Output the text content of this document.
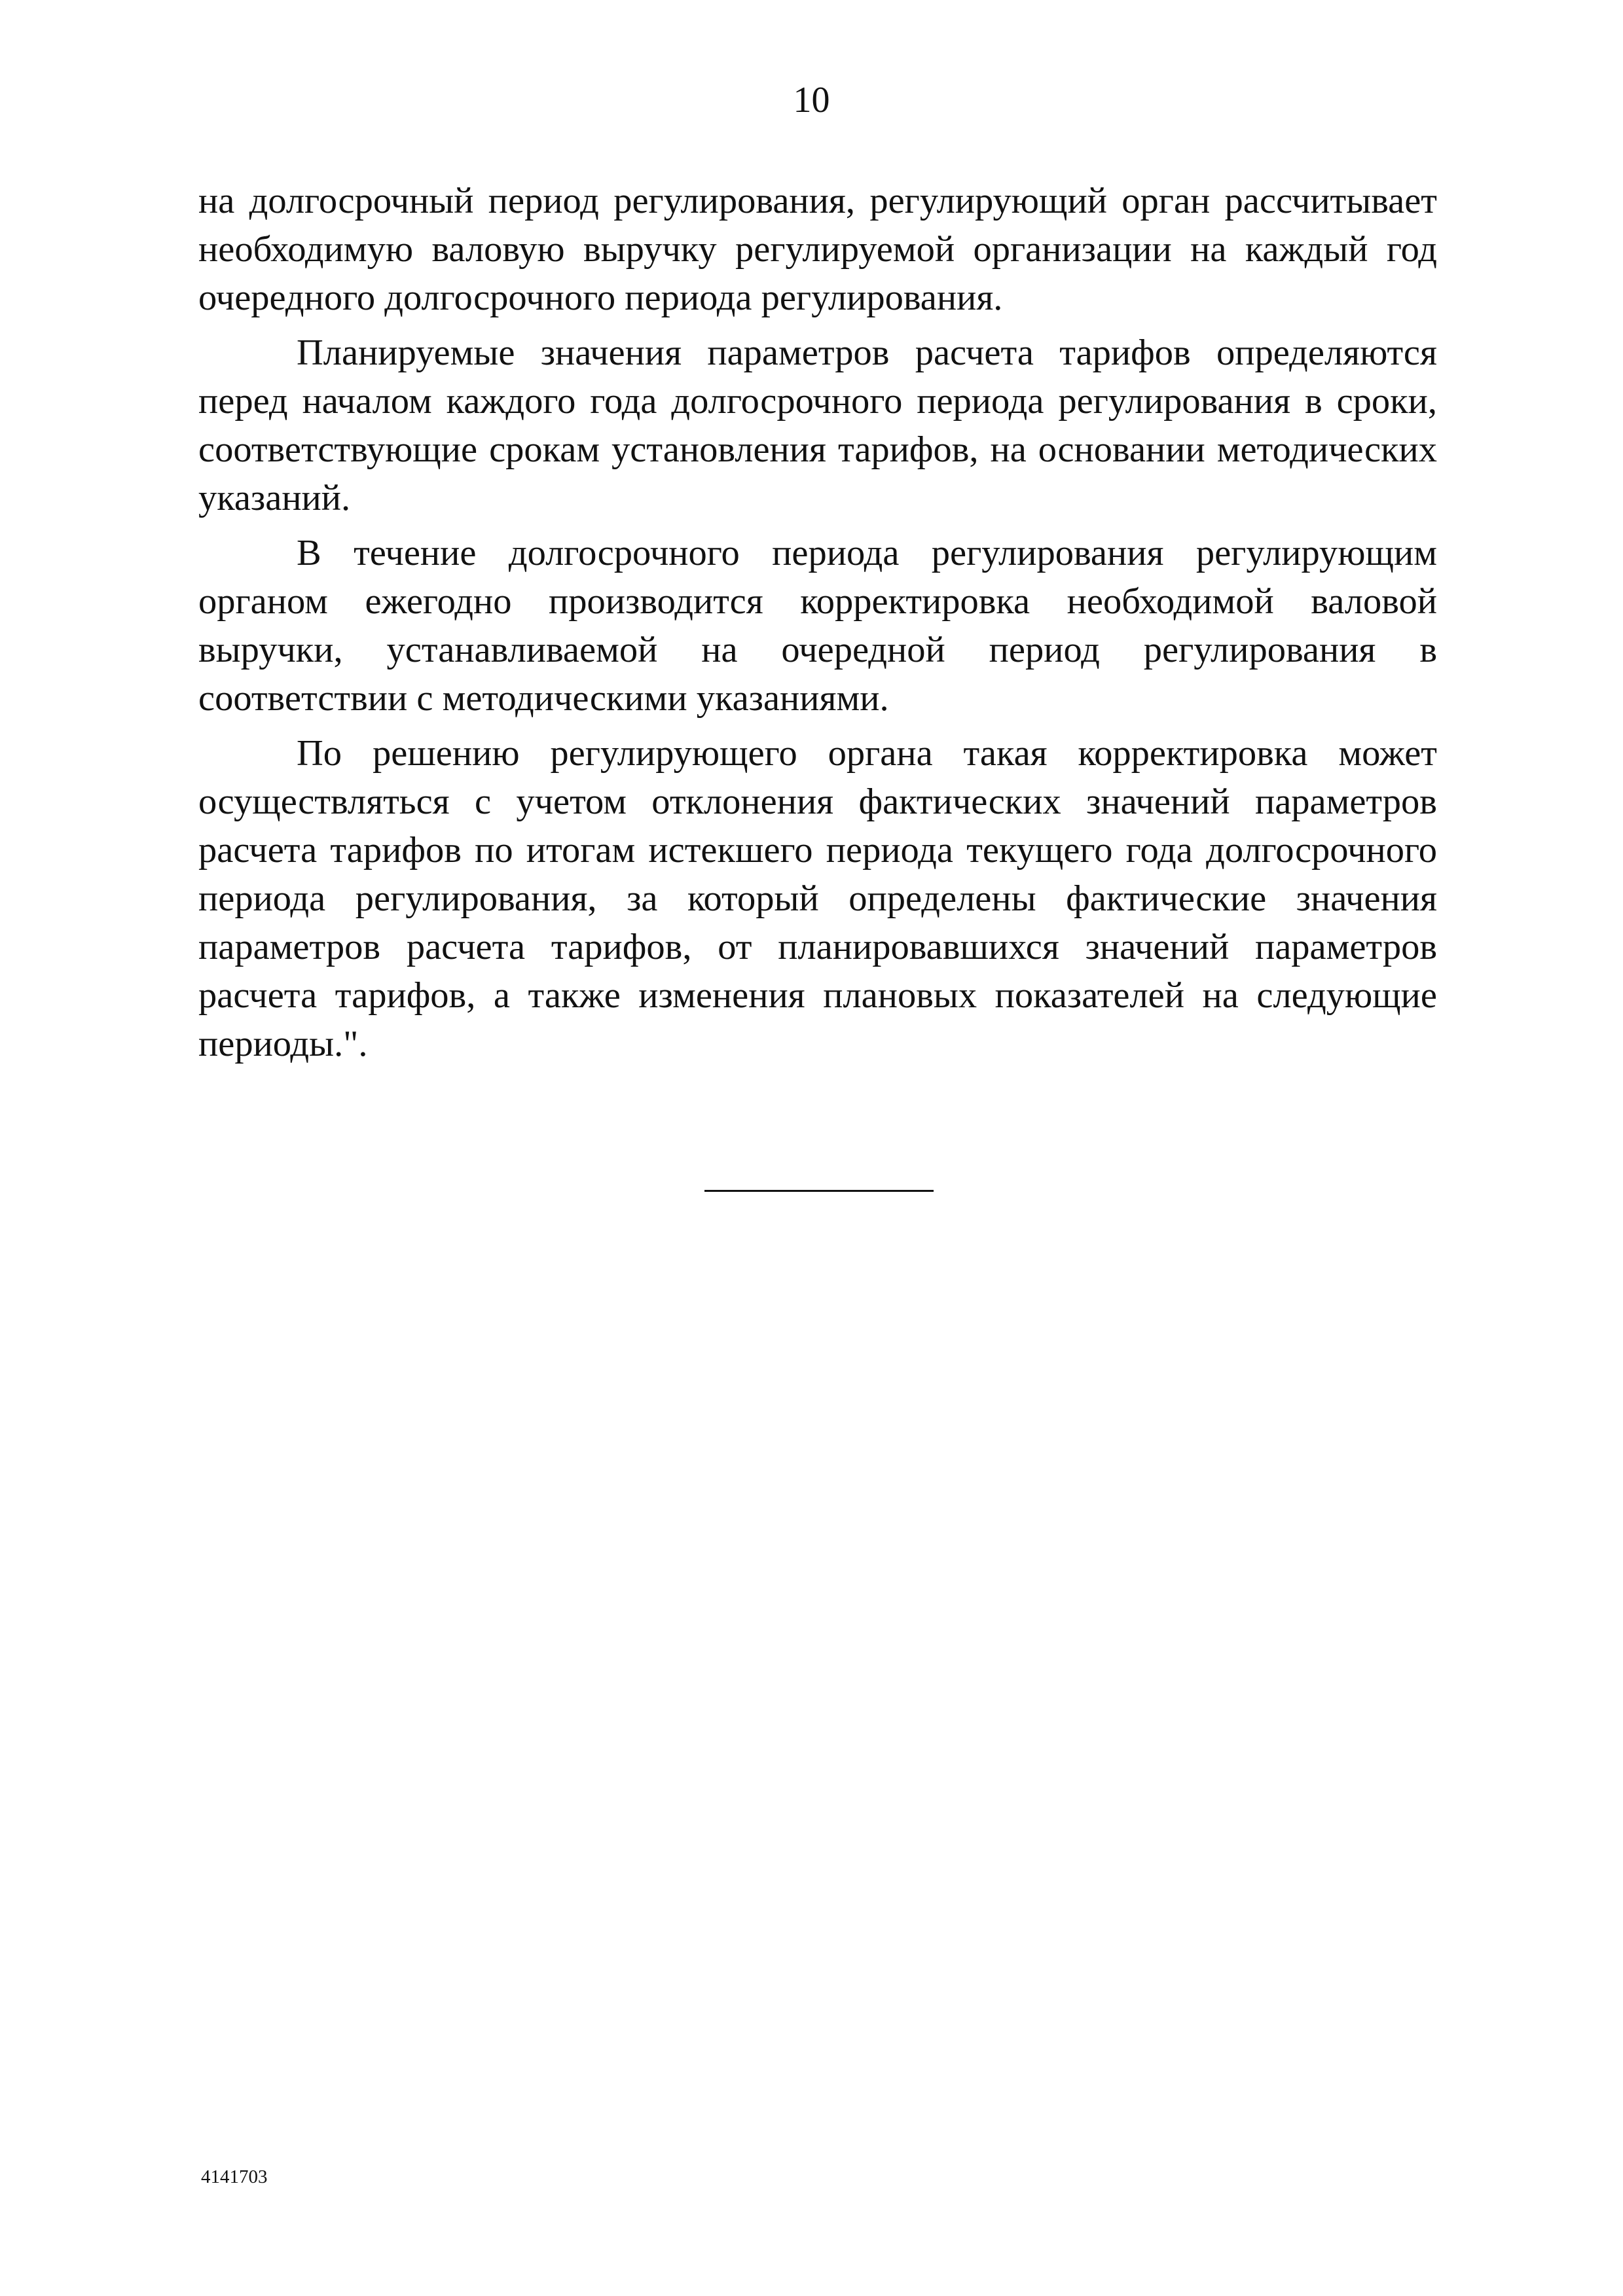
10

на долгосрочный период регулирования, регулирующий орган рассчитывает необходимую валовую выручку регулируемой организации на каждый год очередного долгосрочного периода регулирования.

Планируемые значения параметров расчета тарифов определяются перед началом каждого года долгосрочного периода регулирования в сроки, соответствующие срокам установления тарифов, на основании методических указаний.

В течение долгосрочного периода регулирования регулирующим органом ежегодно производится корректировка необходимой валовой выручки, устанавливаемой на очередной период регулирования в соответствии с методическими указаниями.

По решению регулирующего органа такая корректировка может осуществляться с учетом отклонения фактических значений параметров расчета тарифов по итогам истекшего периода текущего года долгосрочного периода регулирования, за который определены фактические значения параметров расчета тарифов, от планировавшихся значений параметров расчета тарифов, а также изменения плановых показателей на следующие периоды.".

4141703
